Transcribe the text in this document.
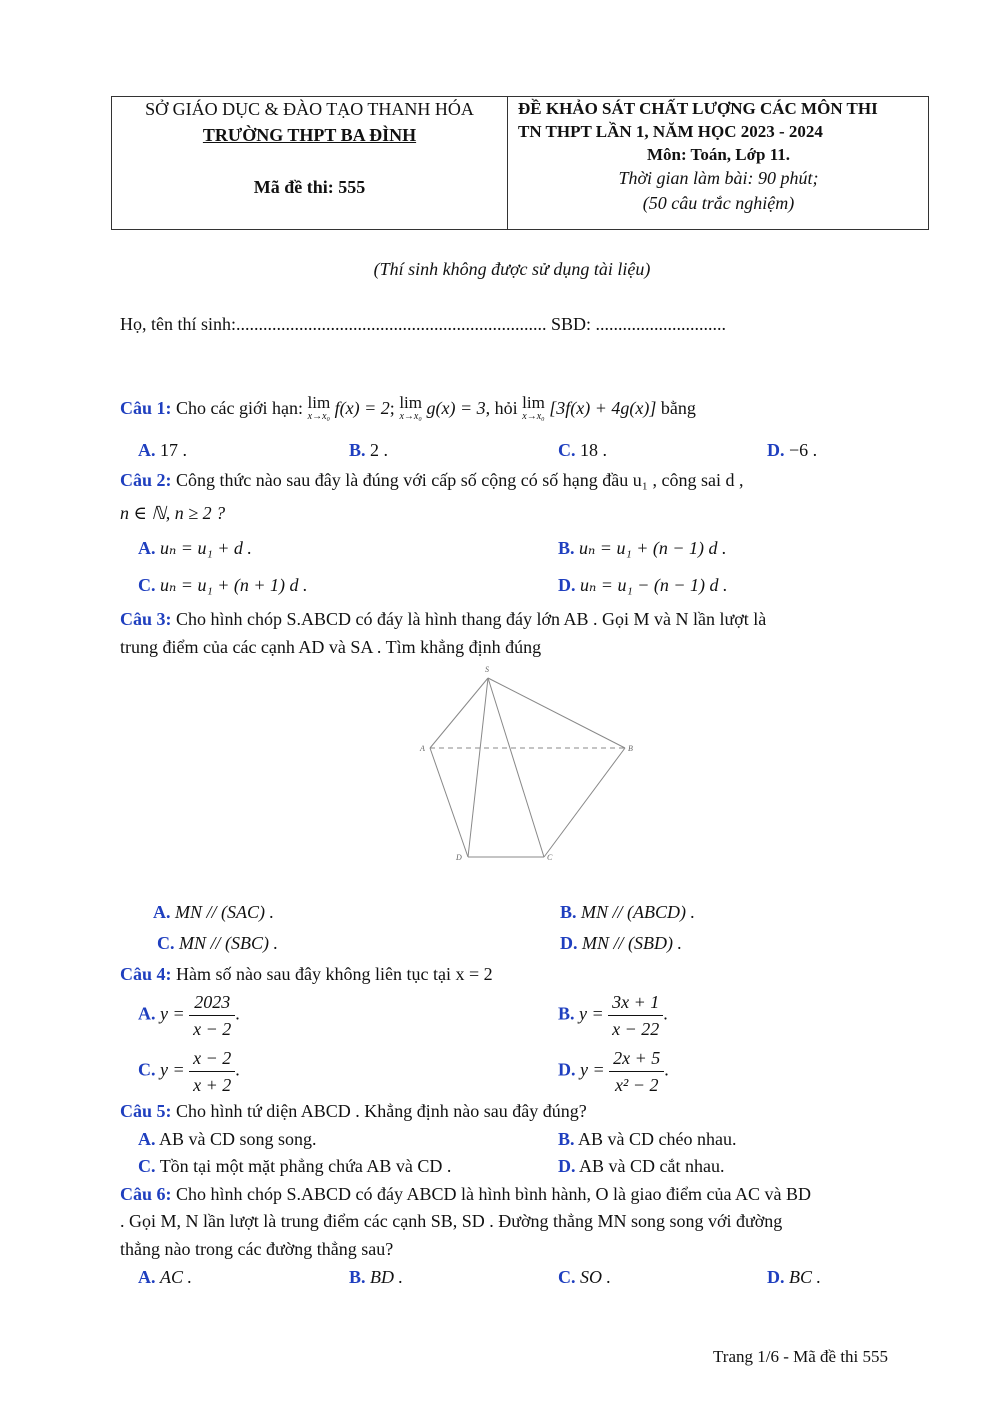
SỞ GIÁO DỤC & ĐÀO TẠO THANH HÓA
TRƯỜNG THPT BA ĐÌNH
Mã đề thi: 555
ĐỀ KHẢO SÁT CHẤT LƯỢNG CÁC MÔN THI
TN THPT LẦN 1, NĂM HỌC 2023 - 2024
Môn: Toán, Lớp 11.
Thời gian làm bài: 90 phút;
(50 câu trắc nghiệm)
(Thí sinh không được sử dụng tài liệu)
Họ, tên thí sinh:..................................................................... SBD: .............................
Câu 1: Cho các giới hạn: lim
x→x₀ f(x) = 2; lim
x→x₀ g(x) = 3, hỏi lim
x→x₀ [3f(x) + 4g(x)] bằng
A. 17 .	B. 2 .	C. 18 .	D. −6 .
Câu 2: Công thức nào sau đây là đúng với cấp số cộng có số hạng đầu u₁ , công sai d ,
n ∈ ℕ, n ≥ 2 ?
A. uₙ = u₁ + d .	B. uₙ = u₁ + (n − 1) d .
C. uₙ = u₁ + (n + 1) d .	D. uₙ = u₁ − (n − 1) d .
Câu 3: Cho hình chóp S.ABCD có đáy là hình thang đáy lớn AB . Gọi M và N lần lượt là
trung điểm của các cạnh AD và SA . Tìm khẳng định đúng
S
A	B
C
D
A. MN // (SAC) .	B. MN // (ABCD) .
C. MN // (SBC) .	D. MN // (SBD) .
Câu 4: Hàm số nào sau đây không liên tục tại x = 2
A. $y = \frac{2023}{x - 2}$ .	B. $y = \frac{3x + 1}{x - 22}$ .
C. $y = \frac{x - 2}{x + 2}$ .	D. $y = \frac{2x + 5}{\text{x² − 2}}$ .
Câu 5: Cho hình tứ diện ABCD . Khẳng định nào sau đây đúng?
A. AB và CD song song.	B. AB và CD chéo nhau.
C. Tồn tại một mặt phẳng chứa AB và CD .	D. AB và CD cắt nhau.
Câu 6: Cho hình chóp S.ABCD có đáy ABCD là hình bình hành, O là giao điểm của AC và BD
. Gọi M, N lần lượt là trung điểm các cạnh SB, SD . Đường thẳng MN song song với đường
thẳng nào trong các đường thẳng sau?
A. AC .	B. BD .	C. SO .	D. BC .
Trang 1/6 - Mã đề thi 555
